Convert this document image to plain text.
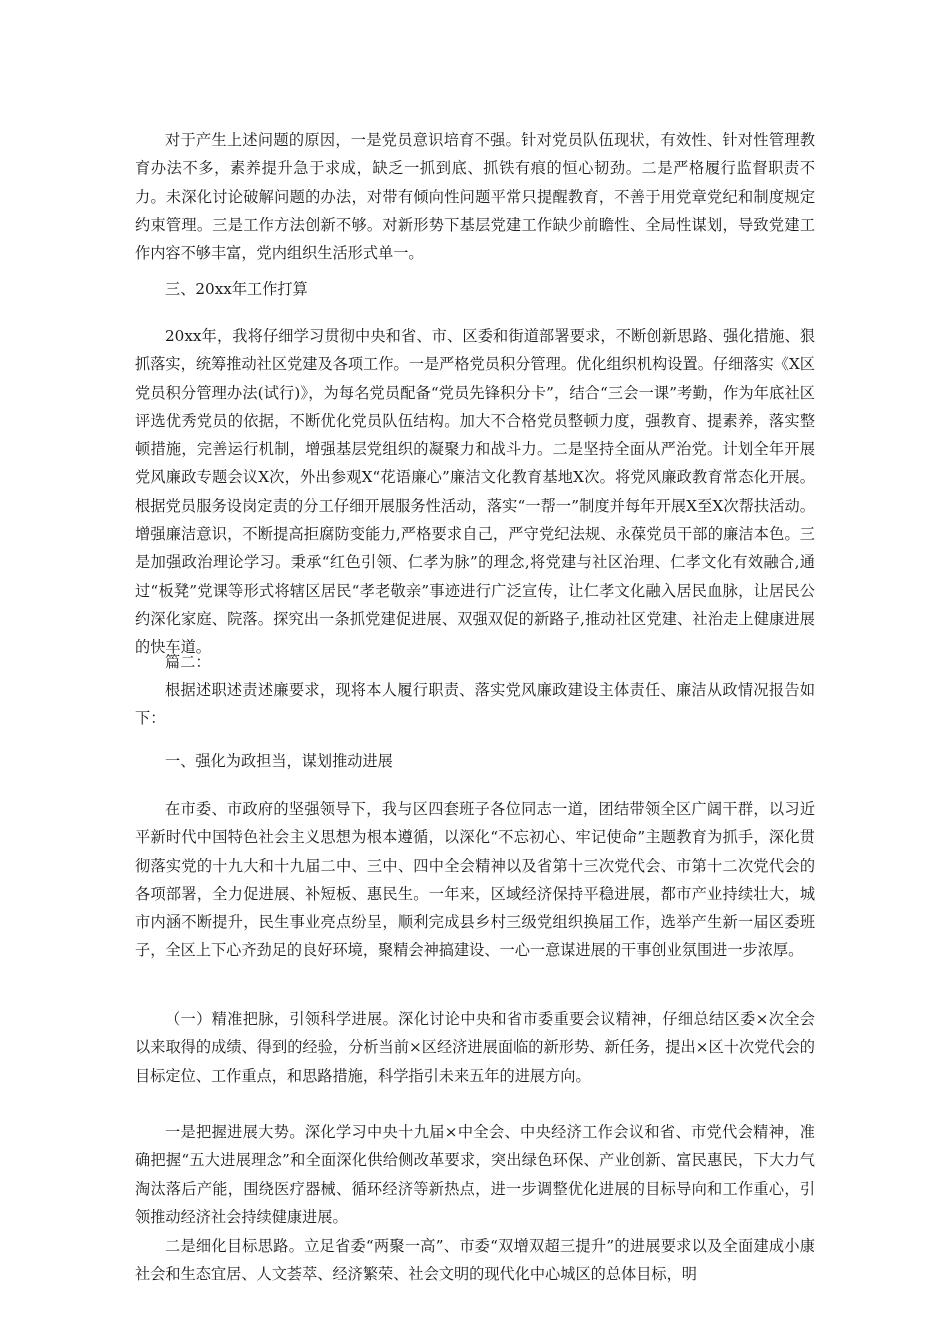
对于产生上述问题的原因，一是党员意识培育不强。针对党员队伍现状，有效性、针对性管理教育办法不多，素养提升急于求成，缺乏一抓到底、抓铁有痕的恒心韧劲。二是严格履行监督职责不力。未深化讨论破解问题的办法，对带有倾向性问题平常只提醒教育，不善于用党章党纪和制度规定约束管理。三是工作方法创新不够。对新形势下基层党建工作缺少前瞻性、全局性谋划，导致党建工作内容不够丰富，党内组织生活形式单一。

三、20xx年工作打算

20xx年，我将仔细学习贯彻中央和省、市、区委和街道部署要求，不断创新思路、强化措施、狠抓落实，统筹推动社区党建及各项工作。一是严格党员积分管理。优化组织机构设置。仔细落实《X区党员积分管理办法(试行)》，为每名党员配备“党员先锋积分卡”，结合“三会一课”考勤，作为年底社区评选优秀党员的依据，不断优化党员队伍结构。加大不合格党员整顿力度，强教育、提素养，落实整顿措施，完善运行机制，增强基层党组织的凝聚力和战斗力。二是坚持全面从严治党。计划全年开展党风廉政专题会议X次，外出参观X“花语廉心”廉洁文化教育基地X次。将党风廉政教育常态化开展。根据党员服务设岗定责的分工仔细开展服务性活动，落实“一帮一”制度并每年开展X至X次帮扶活动。增强廉洁意识，不断提高拒腐防变能力,严格要求自己，严守党纪法规、永葆党员干部的廉洁本色。三是加强政治理论学习。秉承“红色引领、仁孝为脉”的理念,将党建与社区治理、仁孝文化有效融合,通过“板凳”党课等形式将辖区居民“孝老敬亲”事迹进行广泛宣传，让仁孝文化融入居民血脉，让居民公约深化家庭、院落。探究出一条抓党建促进展、双强双促的新路子,推动社区党建、社治走上健康进展的快车道。

篇二：

根据述职述责述廉要求，现将本人履行职责、落实党风廉政建设主体责任、廉洁从政情况报告如下：

一、强化为政担当，谋划推动进展

在市委、市政府的坚强领导下，我与区四套班子各位同志一道，团结带领全区广阔干群，以习近平新时代中国特色社会主义思想为根本遵循，以深化“不忘初心、牢记使命”主题教育为抓手，深化贯彻落实党的十九大和十九届二中、三中、四中全会精神以及省第十三次党代会、市第十二次党代会的各项部署，全力促进展、补短板、惠民生。一年来，区域经济保持平稳进展，都市产业持续壮大，城市内涵不断提升，民生事业亮点纷呈，顺利完成县乡村三级党组织换届工作，选举产生新一届区委班子，全区上下心齐劲足的良好环境，聚精会神搞建设、一心一意谋进展的干事创业氛围进一步浓厚。

（一）精准把脉，引领科学进展。深化讨论中央和省市委重要会议精神，仔细总结区委×次全会以来取得的成绩、得到的经验，分析当前×区经济进展面临的新形势、新任务，提出×区十次党代会的目标定位、工作重点，和思路措施，科学指引未来五年的进展方向。

一是把握进展大势。深化学习中央十九届×中全会、中央经济工作会议和省、市党代会精神，准确把握“五大进展理念”和全面深化供给侧改革要求，突出绿色环保、产业创新、富民惠民，下大力气淘汰落后产能，围绕医疗器械、循环经济等新热点，进一步调整优化进展的目标导向和工作重心，引领推动经济社会持续健康进展。

二是细化目标思路。立足省委“两聚一高”、市委“双增双超三提升”的进展要求以及全面建成小康社会和生态宜居、人文荟萃、经济繁荣、社会文明的现代化中心城区的总体目标，明
